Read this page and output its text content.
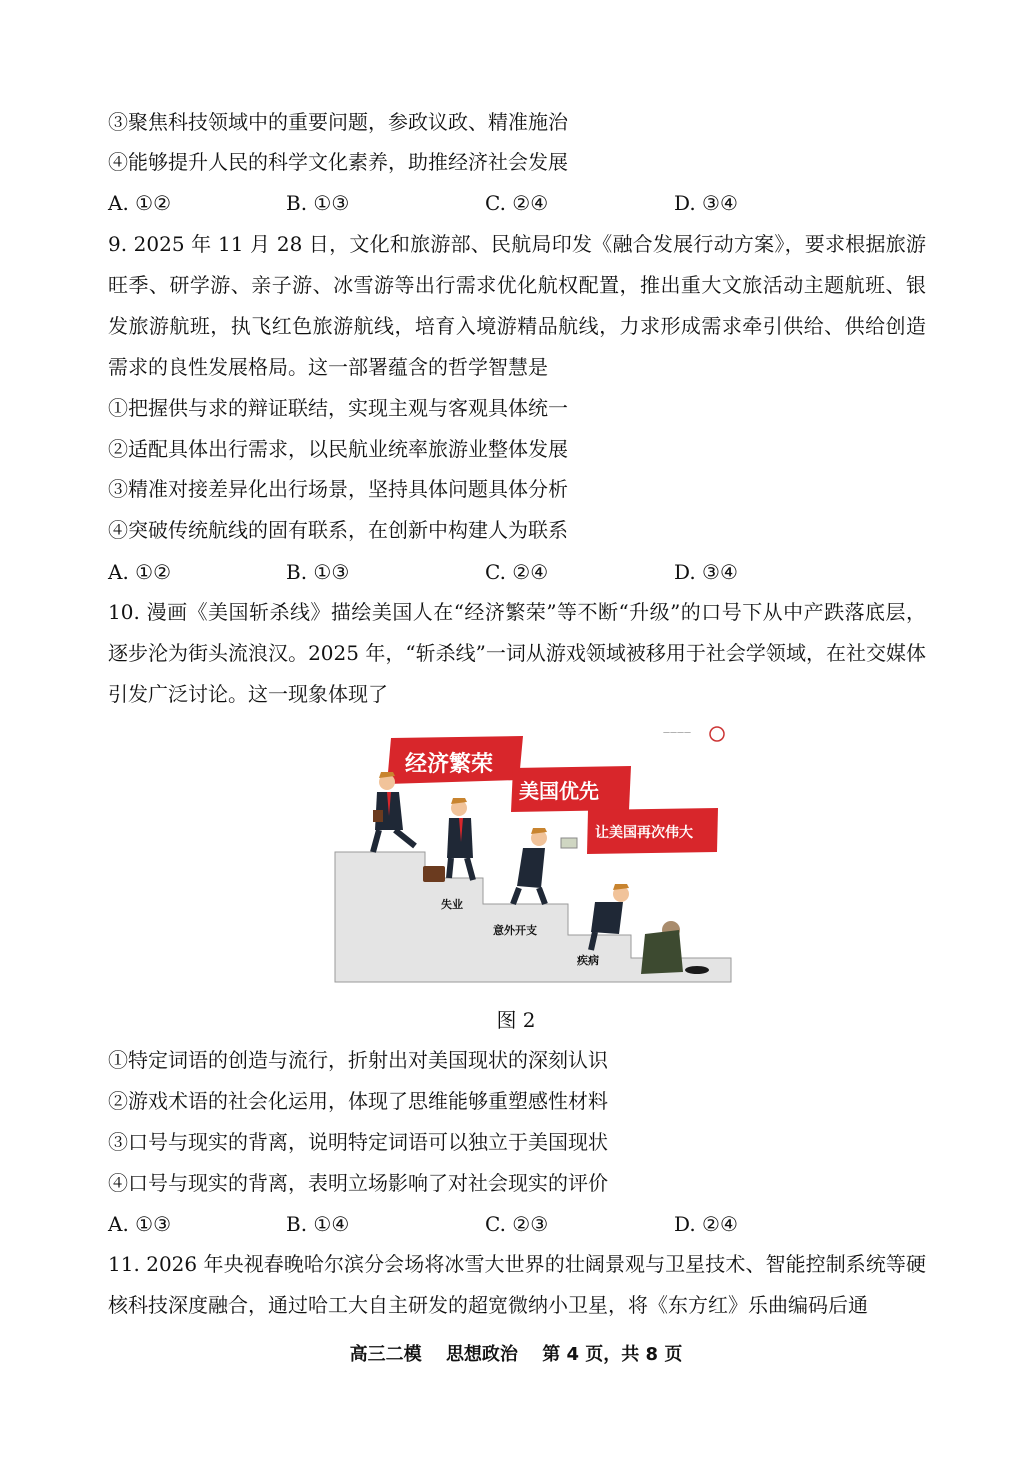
③聚焦科技领域中的重要问题，参政议政、精准施治
④能够提升人民的科学文化素养，助推经济社会发展
A. ①②	B. ①③	C. ②④	D. ③④
9. 2025 年 11 月 28 日，文化和旅游部、民航局印发《融合发展行动方案》，要求根据旅游旺季、研学游、亲子游、冰雪游等出行需求优化航权配置，推出重大文旅活动主题航班、银发旅游航班，执飞红色旅游航线，培育入境游精品航线，力求形成需求牵引供给、供给创造需求的良性发展格局。这一部署蕴含的哲学智慧是
①把握供与求的辩证联结，实现主观与客观具体统一
②适配具体出行需求，以民航业统率旅游业整体发展
③精准对接差异化出行场景，坚持具体问题具体分析
④突破传统航线的固有联系，在创新中构建人为联系
A. ①②	B. ①③	C. ②④	D. ③④
10. 漫画《美国斩杀线》描绘美国人在“经济繁荣”等不断“升级”的口号下从中产跌落底层，逐步沦为街头流浪汉。2025 年，“斩杀线”一词从游戏领域被移用于社会学领域，在社交媒体引发广泛讨论。这一现象体现了
————
经济繁荣
美国优先
让美国再次伟大
失业
意外开支
疾病
图 2
①特定词语的创造与流行，折射出对美国现状的深刻认识
②游戏术语的社会化运用，体现了思维能够重塑感性材料
③口号与现实的背离，说明特定词语可以独立于美国现状
④口号与现实的背离，表明立场影响了对社会现实的评价
A. ①③	B. ①④	C. ②③	D. ②④
11. 2026 年央视春晚哈尔滨分会场将冰雪大世界的壮阔景观与卫星技术、智能控制系统等硬核科技深度融合，通过哈工大自主研发的超宽微纳小卫星，将《东方红》乐曲编码后通
高三二模 思想政治 第 4 页，共 8 页
